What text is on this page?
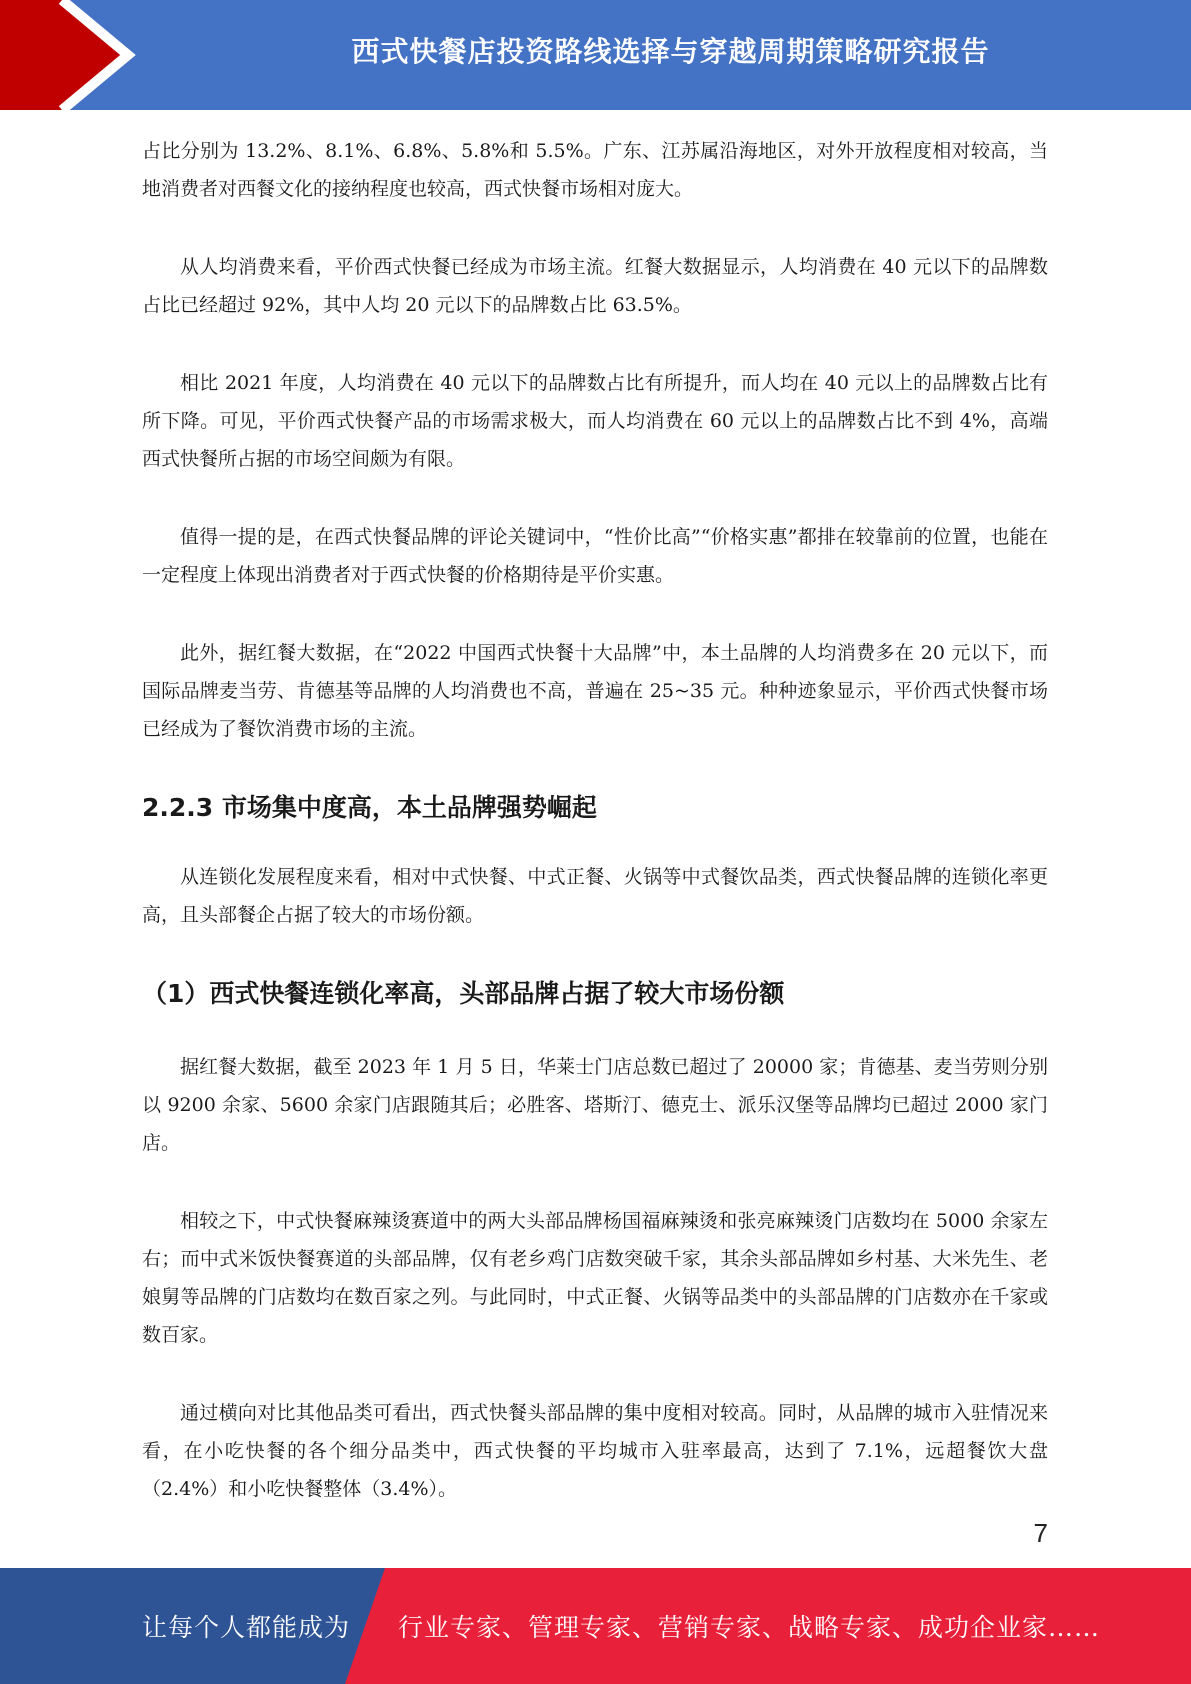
西式快餐店投资路线选择与穿越周期策略研究报告

占比分别为 13.2%、8.1%、6.8%、5.8%和 5.5%。广东、江苏属沿海地区，对外开放程度相对较高，当地消费者对西餐文化的接纳程度也较高，西式快餐市场相对庞大。

从人均消费来看，平价西式快餐已经成为市场主流。红餐大数据显示，人均消费在 40 元以下的品牌数占比已经超过 92%，其中人均 20 元以下的品牌数占比 63.5%。

相比 2021 年度，人均消费在 40 元以下的品牌数占比有所提升，而人均在 40 元以上的品牌数占比有所下降。可见，平价西式快餐产品的市场需求极大，而人均消费在 60 元以上的品牌数占比不到 4%，高端西式快餐所占据的市场空间颇为有限。

值得一提的是，在西式快餐品牌的评论关键词中，“性价比高”“价格实惠”都排在较靠前的位置，也能在一定程度上体现出消费者对于西式快餐的价格期待是平价实惠。

此外，据红餐大数据，在“2022 中国西式快餐十大品牌”中，本土品牌的人均消费多在 20 元以下，而国际品牌麦当劳、肯德基等品牌的人均消费也不高，普遍在 25~35 元。种种迹象显示，平价西式快餐市场已经成为了餐饮消费市场的主流。

2.2.3 市场集中度高，本土品牌强势崛起

从连锁化发展程度来看，相对中式快餐、中式正餐、火锅等中式餐饮品类，西式快餐品牌的连锁化率更高，且头部餐企占据了较大的市场份额。

（1）西式快餐连锁化率高，头部品牌占据了较大市场份额

据红餐大数据，截至 2023 年 1 月 5 日，华莱士门店总数已超过了 20000 家；肯德基、麦当劳则分别以 9200 余家、5600 余家门店跟随其后；必胜客、塔斯汀、德克士、派乐汉堡等品牌均已超过 2000 家门店。

相较之下，中式快餐麻辣烫赛道中的两大头部品牌杨国福麻辣烫和张亮麻辣烫门店数均在 5000 余家左右；而中式米饭快餐赛道的头部品牌，仅有老乡鸡门店数突破千家，其余头部品牌如乡村基、大米先生、老娘舅等品牌的门店数均在数百家之列。与此同时，中式正餐、火锅等品类中的头部品牌的门店数亦在千家或数百家。

通过横向对比其他品类可看出，西式快餐头部品牌的集中度相对较高。同时，从品牌的城市入驻情况来看，在小吃快餐的各个细分品类中，西式快餐的平均城市入驻率最高，达到了 7.1%，远超餐饮大盘（2.4%）和小吃快餐整体（3.4%）。

7
让每个人都能成为 行业专家、管理专家、营销专家、战略专家、成功企业家……
